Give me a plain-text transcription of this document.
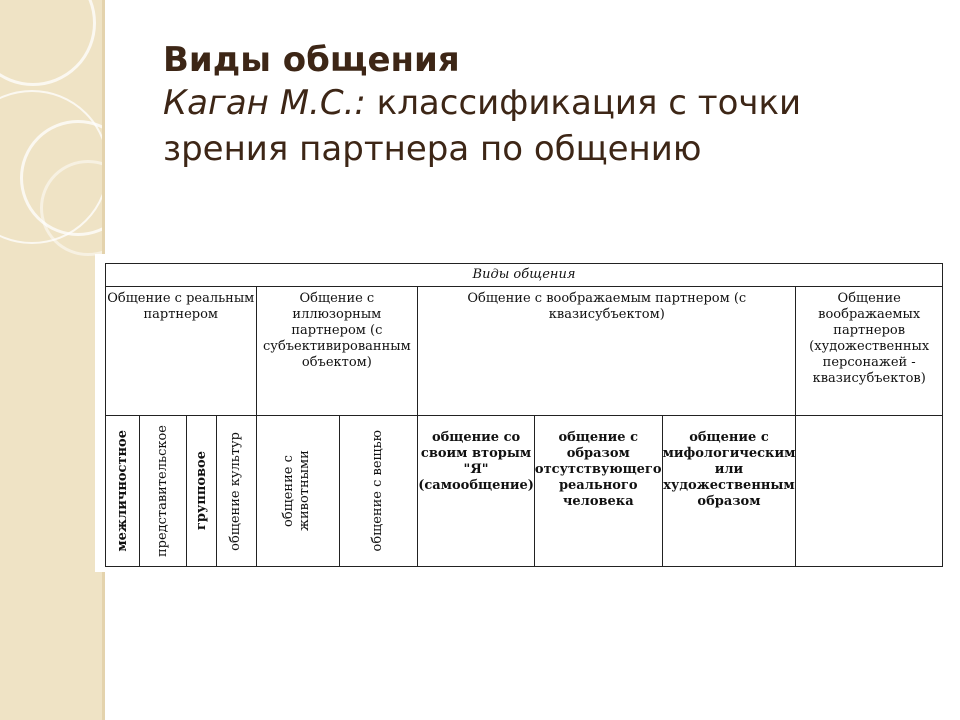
Виды общения
Каган М.С.: классификация с точки
зрения партнера по общению
Виды общения									
Общение с реальным партнером				Общение с иллюзорным партнером (с субъективированным объектом)		Общение с воображаемым партнером (с квазисубъектом)			Общение воображаемых партнеров (художественных персонажей - квазисубъектов)

межличностное	представительское	групповое	общение культур	общение с животными	общение с вещью	общение со своим вторым "Я" (самообщение)	общение с образом отсутствующего реального человека	общение с мифологическим или художественным образом	
